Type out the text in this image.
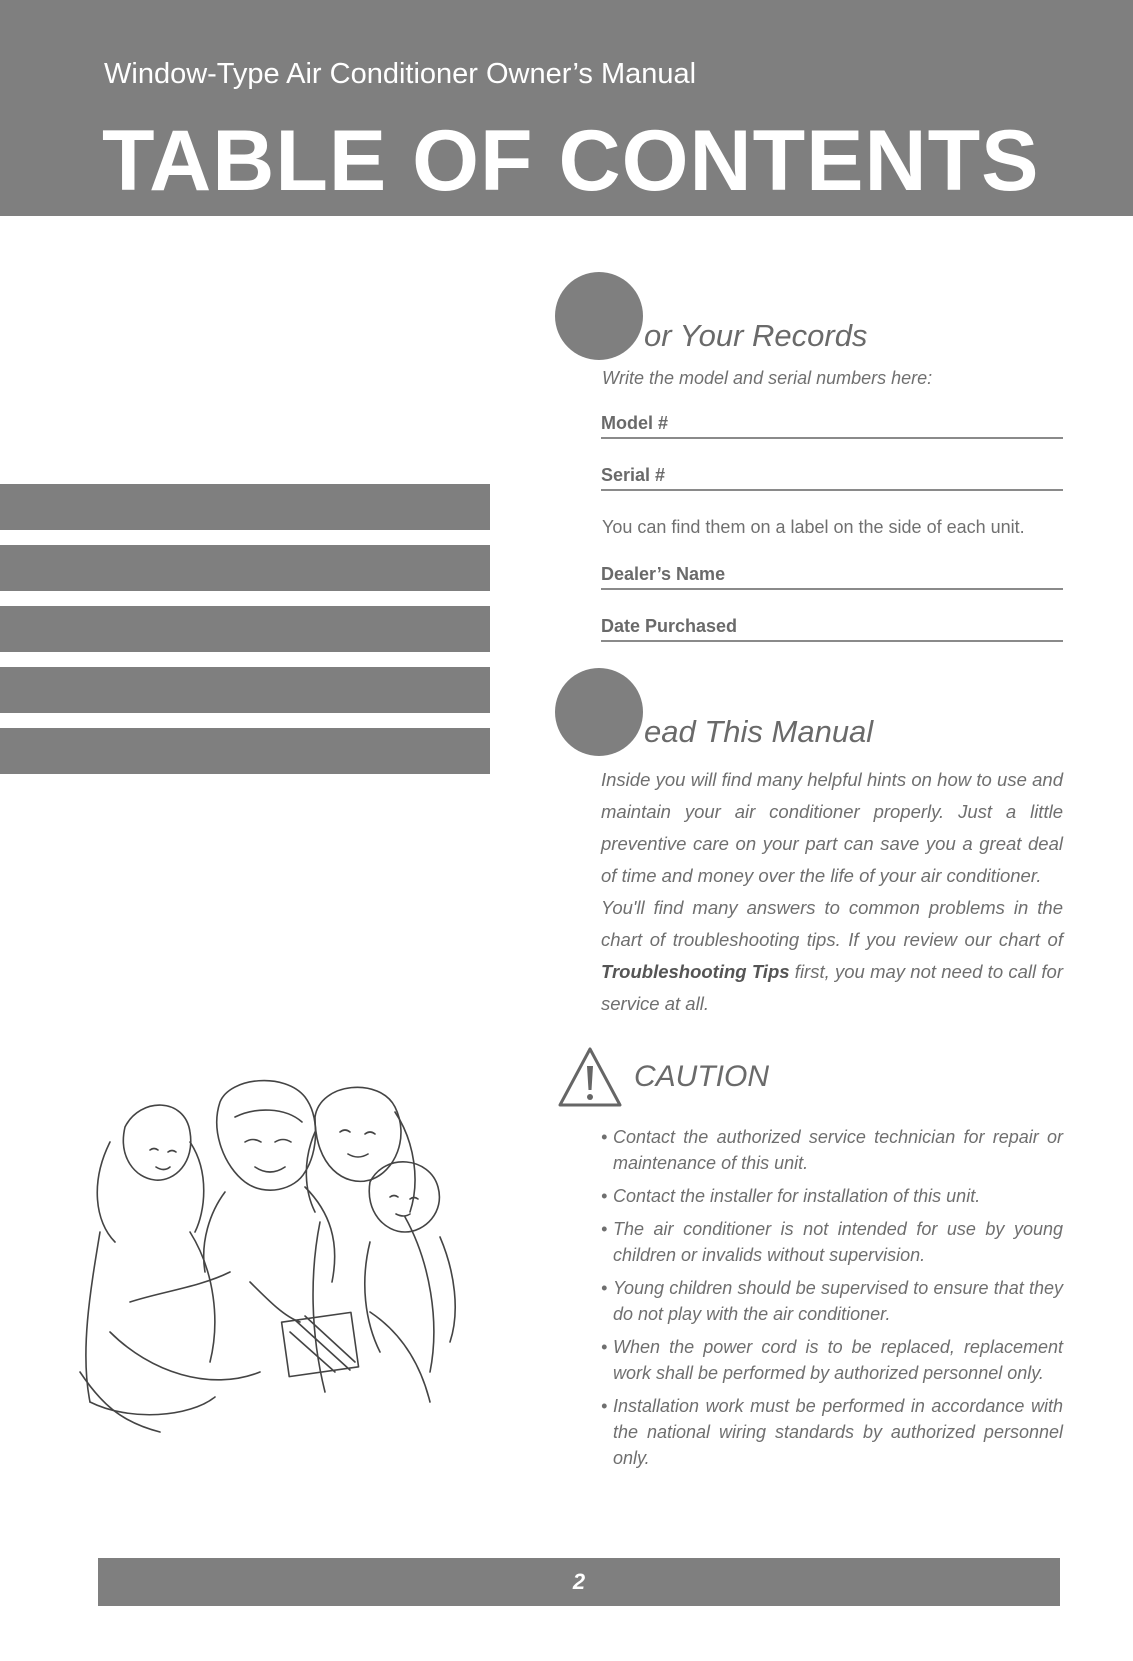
Window-Type Air Conditioner Owner’s Manual
TABLE OF CONTENTS
or Your Records
Write the model and serial numbers here:
Model #
Serial #
You can find them on a label on the side of each unit.
Dealer’s Name
Date Purchased
ead This Manual

Inside you will find many helpful hints on how to use and maintain your air conditioner properly. Just a little preventive care on your part can save you a great deal of time and money over the life of your air conditioner.

You'll find many answers to common problems in the chart of troubleshooting tips. If you review our chart of Troubleshooting Tips first, you may not need to call for service at all.

CAUTION
• Contact the authorized service technician for repair or maintenance of this unit.
• Contact the installer for installation of this unit.
• The air conditioner is not intended for use by young children or invalids without supervision.
• Young children should be supervised to ensure that they do not play with the air conditioner.
• When the power cord is to be replaced, replacement work shall be performed by authorized personnel only.
• Installation work must be performed in accordance with the national wiring standards by authorized personnel only.
2
